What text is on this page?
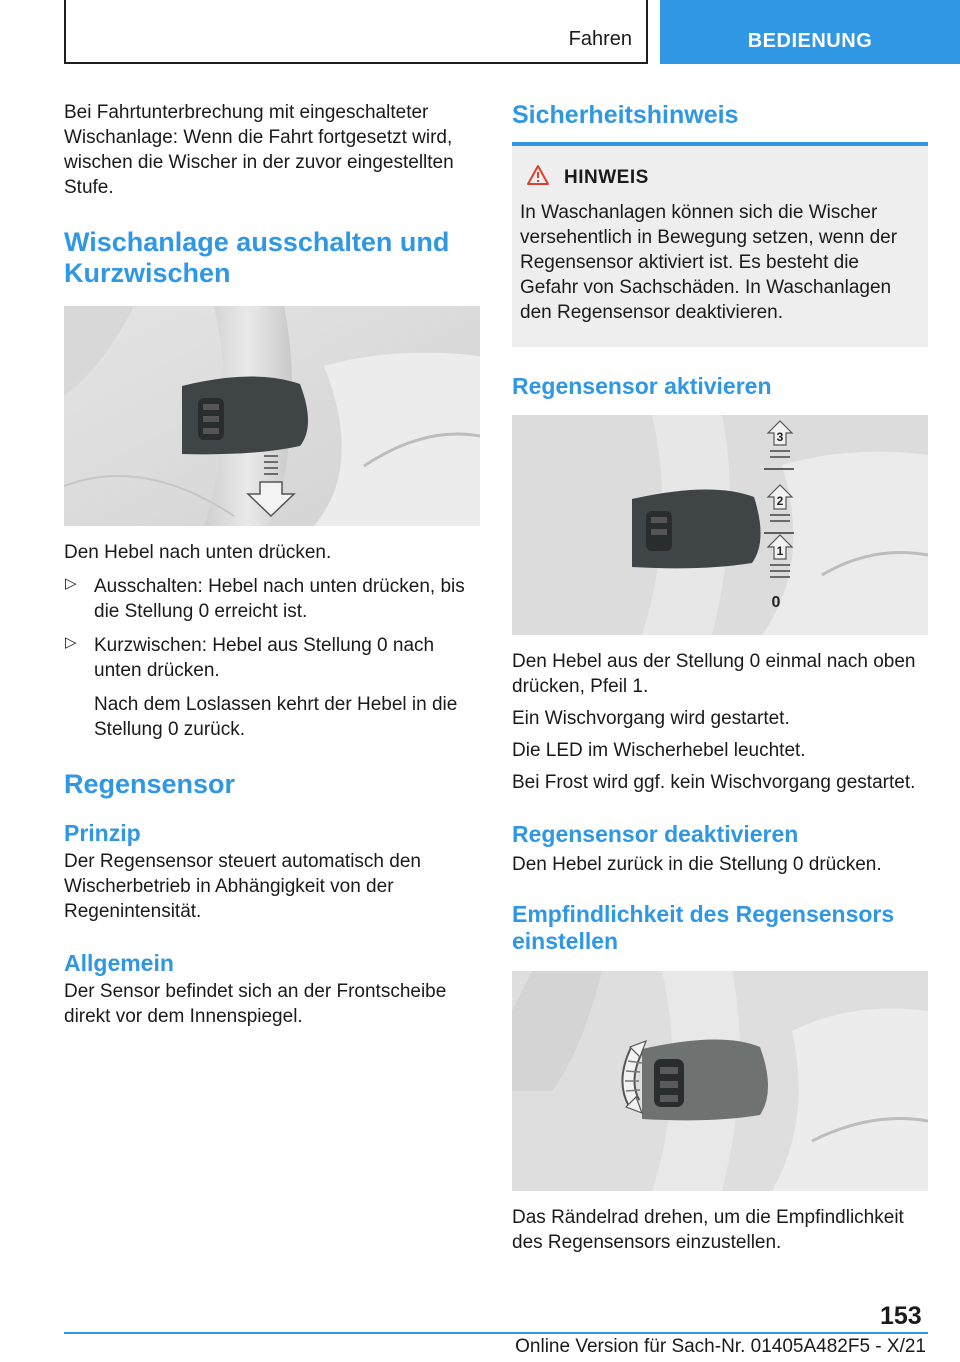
Fahren	BEDIENUNG

Bei Fahrtunterbrechung mit eingeschalteter Wischanlage: Wenn die Fahrt fortgesetzt wird, wischen die Wischer in der zuvor eingestellten Stufe.

Wischanlage ausschalten und
Kurzwischen

Den Hebel nach unten drücken.

▷ Ausschalten: Hebel nach unten drücken, bis die Stellung 0 erreicht ist.

▷ Kurzwischen: Hebel aus Stellung 0 nach unten drücken.

Nach dem Loslassen kehrt der Hebel in die Stellung 0 zurück.

Regensensor
Prinzip

Der Regensensor steuert automatisch den Wischerbetrieb in Abhängigkeit von der Regenintensität.

Allgemein

Der Sensor befindet sich an der Frontscheibe direkt vor dem Innenspiegel.

Sicherheitshinweis
HINWEIS

In Waschanlagen können sich die Wischer versehentlich in Bewegung setzen, wenn der Regensensor aktiviert ist. Es besteht die Gefahr von Sachschäden. In Waschanlagen den Regensensor deaktivieren.

Regensensor aktivieren
3
2
1
0

Den Hebel aus der Stellung 0 einmal nach oben drücken, Pfeil 1.

Ein Wischvorgang wird gestartet.

Die LED im Wischerhebel leuchtet.

Bei Frost wird ggf. kein Wischvorgang gestartet.

Regensensor deaktivieren

Den Hebel zurück in die Stellung 0 drücken.

Empfindlichkeit des Regensensors
einstellen

Das Rändelrad drehen, um die Empfindlichkeit des Regensensors einzustellen.

153
Online Version für Sach-Nr. 01405A482F5 - X/21
